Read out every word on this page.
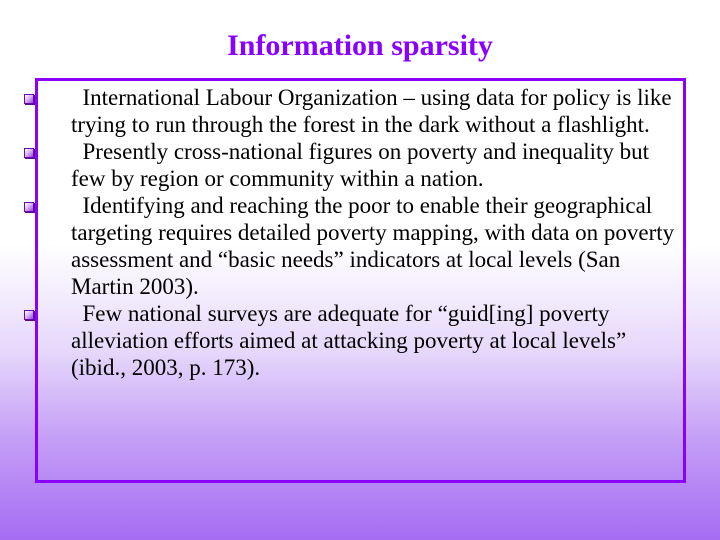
Information sparsity
International Labour Organization – using data for policy is like trying to run through the forest in the dark without a flashlight.
Presently cross-national figures on poverty and inequality but few by region or community within a nation.
Identifying and reaching the poor to enable their geographical targeting requires detailed poverty mapping, with data on poverty assessment and “basic needs” indicators at local levels (San Martin 2003).
Few national surveys are adequate for “guid[ing] poverty alleviation efforts aimed at attacking poverty at local levels” (ibid., 2003, p. 173).
